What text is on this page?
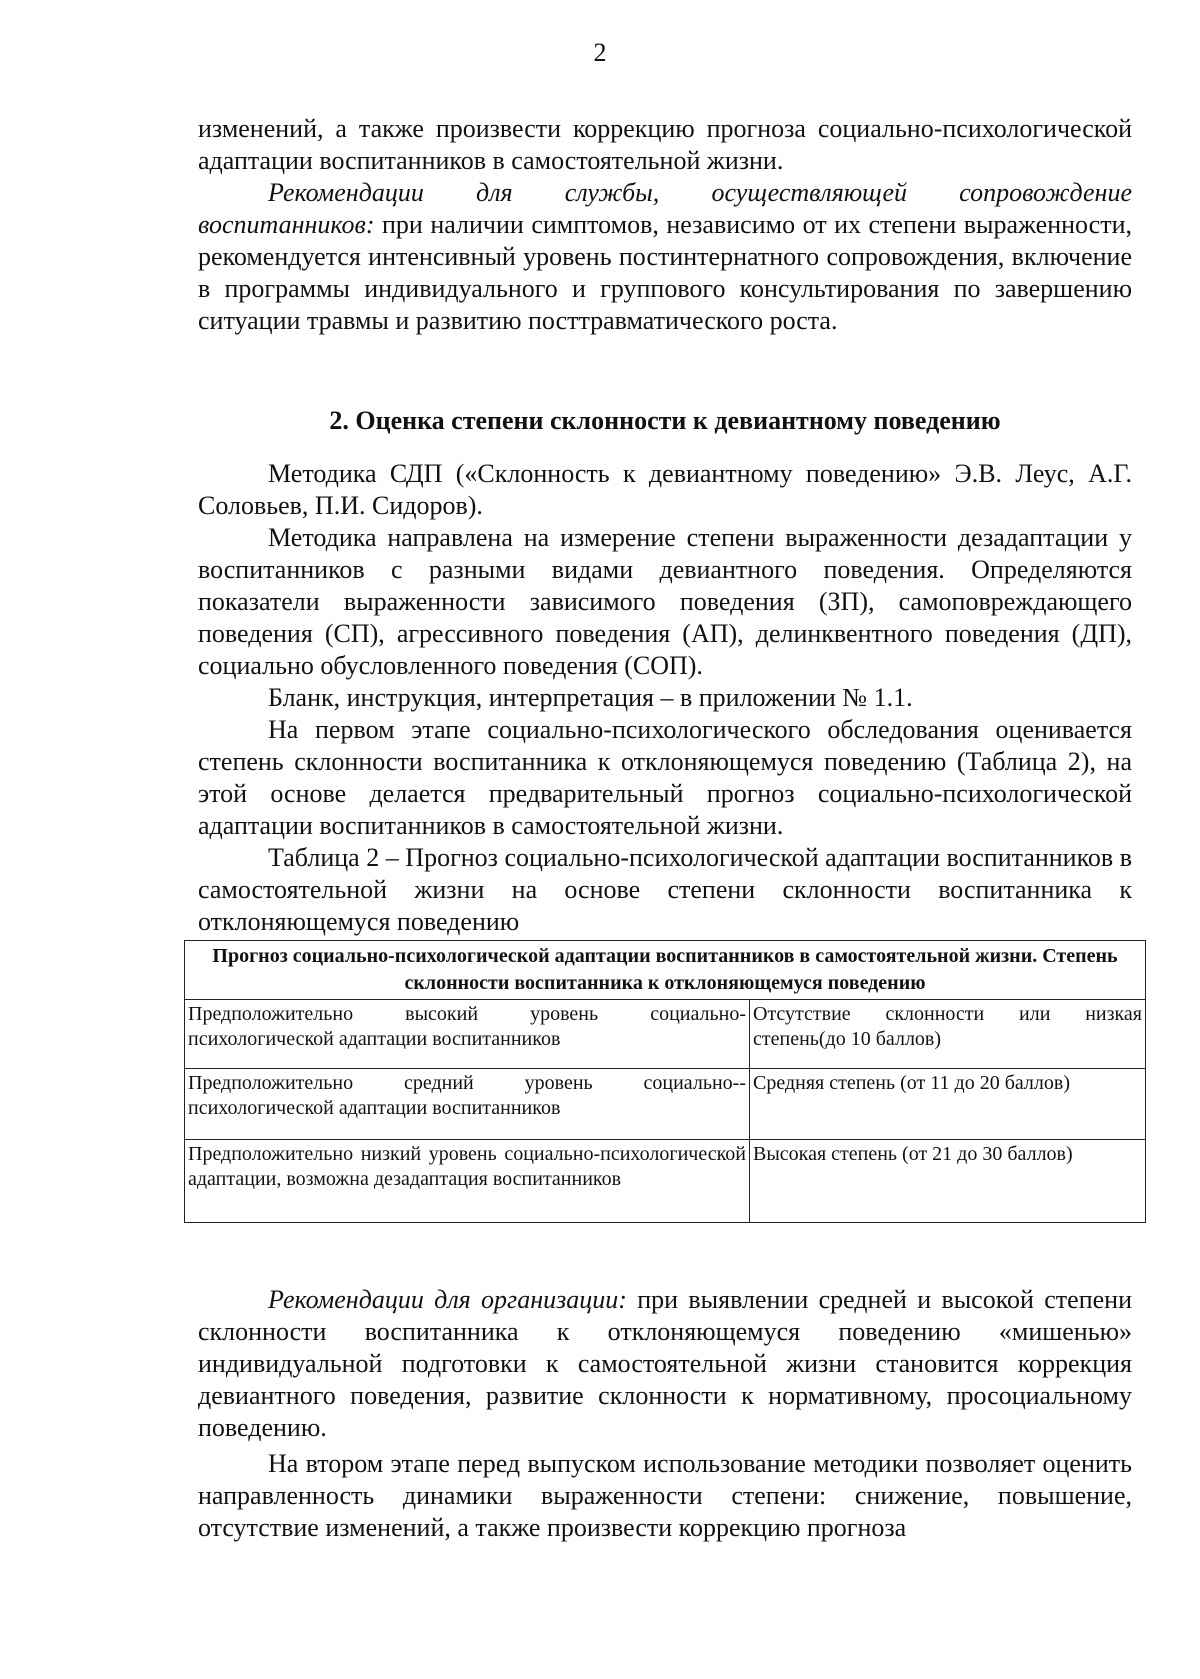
2

изменений, а также произвести коррекцию прогноза социально-психологической адаптации воспитанников в самостоятельной жизни.

Рекомендации для службы, осуществляющей сопровождение воспитанников: при наличии симптомов, независимо от их степени выраженности, рекомендуется интенсивный уровень постинтернатного сопровождения, включение в программы индивидуального и группового консультирования по завершению ситуации травмы и развитию посттравматического роста.

2. Оценка степени склонности к девиантному поведению

Методика СДП («Склонность к девиантному поведению» Э.В. Леус, А.Г. Соловьев, П.И. Сидоров).

Методика направлена на измерение степени выраженности дезадаптации у воспитанников с разными видами девиантного поведения. Определяются показатели выраженности зависимого поведения (ЗП), самоповреждающего поведения (СП), агрессивного поведения (АП), делинквентного поведения (ДП), социально обусловленного поведения (СОП).

Бланк, инструкция, интерпретация – в приложении № 1.1.

На первом этапе социально-психологического обследования оценивается степень склонности воспитанника к отклоняющемуся поведению (Таблица 2), на этой основе делается предварительный прогноз социально-психологической адаптации воспитанников в самостоятельной жизни.

Таблица 2 – Прогноз социально-психологической адаптации воспитанников в самостоятельной жизни на основе степени склонности воспитанника к отклоняющемуся поведению

Прогноз социально-психологической адаптации воспитанников в самостоятельной жизни. Степень склонности воспитанника к отклоняющемуся поведению	
Предположительно высокий уровень социально-психологической адаптации воспитанников	Отсутствие склонности или низкая степень(до 10 баллов)
Предположительно средний уровень социально--психологической адаптации воспитанников	Средняя степень (от 11 до 20 баллов)
Предположительно низкий уровень социально-психологической адаптации, возможна дезадаптация воспитанников	Высокая степень (от 21 до 30 баллов)

Рекомендации для организации: при выявлении средней и высокой степени склонности воспитанника к отклоняющемуся поведению «мишенью» индивидуальной подготовки к самостоятельной жизни становится коррекция девиантного поведения, развитие склонности к нормативному, просоциальному поведению.

На втором этапе перед выпуском использование методики позволяет оценить направленность динамики выраженности степени: снижение, повышение, отсутствие изменений, а также произвести коррекцию прогноза
